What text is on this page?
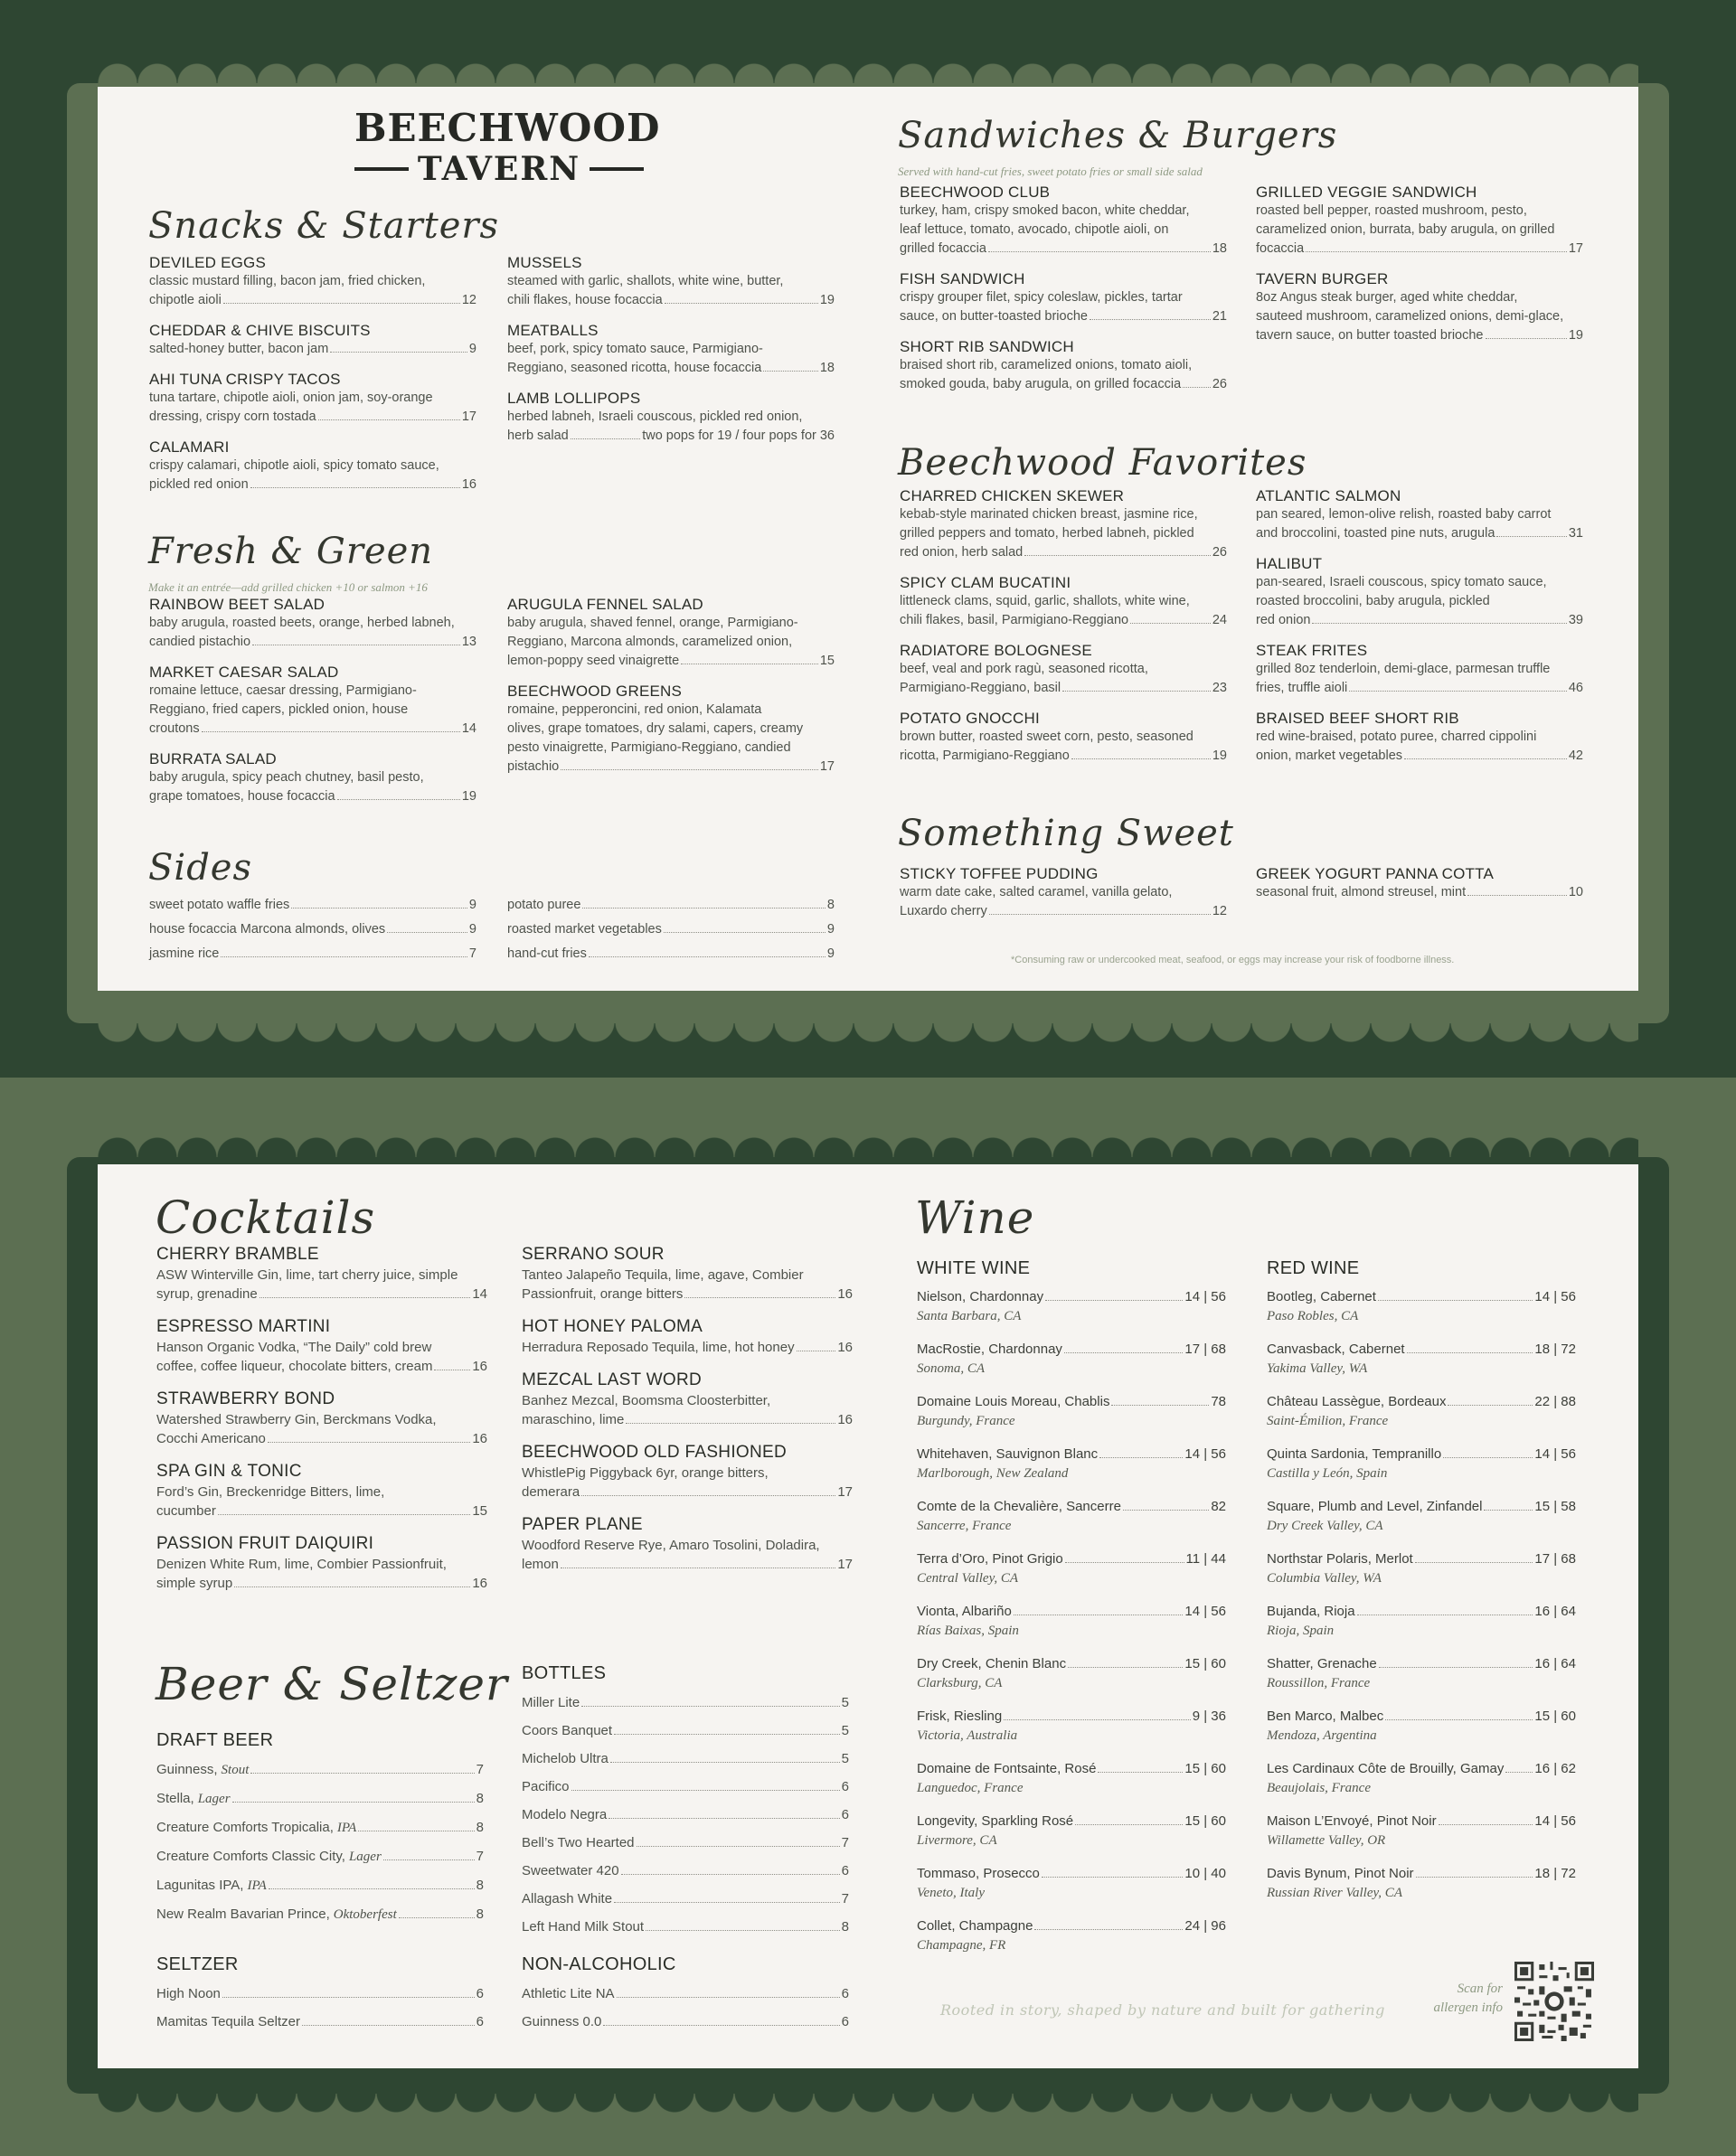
BEECHWOOD
TAVERN
Snacks & Starters
DEVILED EGGS
classic mustard filling, bacon jam, fried chicken,
chipotle aioli	12
CHEDDAR & CHIVE BISCUITS
salted-honey butter, bacon jam	9
AHI TUNA CRISPY TACOS
tuna tartare, chipotle aioli, onion jam, soy-orange
dressing, crispy corn tostada	17
CALAMARI
crispy calamari, chipotle aioli, spicy tomato sauce,
pickled red onion	16
MUSSELS
steamed with garlic, shallots, white wine, butter,
chili flakes, house focaccia	19
MEATBALLS
beef, pork, spicy tomato sauce, Parmigiano-
Reggiano, seasoned ricotta, house focaccia	18
LAMB LOLLIPOPS
herbed labneh, Israeli couscous, pickled red onion,
herb salad	two pops for 19 / four pops for 36
Fresh & Green
Make it an entrée—add grilled chicken +10 or salmon +16
RAINBOW BEET SALAD
baby arugula, roasted beets, orange, herbed labneh,
candied pistachio	13
MARKET CAESAR SALAD
romaine lettuce, caesar dressing, Parmigiano-
Reggiano, fried capers, pickled onion, house
croutons	14
BURRATA SALAD
baby arugula, spicy peach chutney, basil pesto,
grape tomatoes, house focaccia	19
ARUGULA FENNEL SALAD
baby arugula, shaved fennel, orange, Parmigiano-
Reggiano, Marcona almonds, caramelized onion,
lemon-poppy seed vinaigrette	15
BEECHWOOD GREENS
romaine, pepperoncini, red onion, Kalamata
olives, grape tomatoes, dry salami, capers, creamy
pesto vinaigrette, Parmigiano-Reggiano, candied
pistachio	17
Sides
sweet potato waffle fries	9
house focaccia Marcona almonds, olives	9
jasmine rice	7
potato puree	8
roasted market vegetables	9
hand-cut fries	9
Sandwiches & Burgers
Served with hand-cut fries, sweet potato fries or small side salad
BEECHWOOD CLUB
turkey, ham, crispy smoked bacon, white cheddar,
leaf lettuce, tomato, avocado, chipotle aioli, on
grilled focaccia	18
FISH SANDWICH
crispy grouper filet, spicy coleslaw, pickles, tartar
sauce, on butter-toasted brioche	21
SHORT RIB SANDWICH
braised short rib, caramelized onions, tomato aioli,
smoked gouda, baby arugula, on grilled focaccia 26
GRILLED VEGGIE SANDWICH
roasted bell pepper, roasted mushroom, pesto,
caramelized onion, burrata, baby arugula, on grilled
focaccia	17
TAVERN BURGER
8oz Angus steak burger, aged white cheddar,
sauteed mushroom, caramelized onions, demi-glace,
tavern sauce, on butter toasted brioche	19
Beechwood Favorites
CHARRED CHICKEN SKEWER
kebab-style marinated chicken breast, jasmine rice,
grilled peppers and tomato, herbed labneh, pickled
red onion, herb salad	26
SPICY CLAM BUCATINI
littleneck clams, squid, garlic, shallots, white wine,
chili flakes, basil, Parmigiano-Reggiano	24
RADIATORE BOLOGNESE
beef, veal and pork ragù, seasoned ricotta,
Parmigiano-Reggiano, basil	23
POTATO GNOCCHI
brown butter, roasted sweet corn, pesto, seasoned
ricotta, Parmigiano-Reggiano	19
ATLANTIC SALMON
pan seared, lemon-olive relish, roasted baby carrot
and broccolini, toasted pine nuts, arugula	31
HALIBUT
pan-seared, Israeli couscous, spicy tomato sauce,
roasted broccolini, baby arugula, pickled
red onion	39
STEAK FRITES
grilled 8oz tenderloin, demi-glace, parmesan truffle
fries, truffle aioli	46
BRAISED BEEF SHORT RIB
red wine-braised, potato puree, charred cippolini
onion, market vegetables	42
Something Sweet
STICKY TOFFEE PUDDING
warm date cake, salted caramel, vanilla gelato,
Luxardo cherry	12
GREEK YOGURT PANNA COTTA
seasonal fruit, almond streusel, mint	10
*Consuming raw or undercooked meat, seafood, or eggs may increase your risk of foodborne illness.
Cocktails
CHERRY BRAMBLE
ASW Winterville Gin, lime, tart cherry juice, simple
syrup, grenadine	14
ESPRESSO MARTINI
Hanson Organic Vodka, “The Daily” cold brew
coffee, coffee liqueur, chocolate bitters, cream	16
STRAWBERRY BOND
Watershed Strawberry Gin, Berckmans Vodka,
Cocchi Americano	16
SPA GIN & TONIC
Ford’s Gin, Breckenridge Bitters, lime,
cucumber	15
PASSION FRUIT DAIQUIRI
Denizen White Rum, lime, Combier Passionfruit,
simple syrup	16
SERRANO SOUR
Tanteo Jalapeño Tequila, lime, agave, Combier
Passionfruit, orange bitters	16
HOT HONEY PALOMA
Herradura Reposado Tequila, lime, hot honey	16
MEZCAL LAST WORD
Banhez Mezcal, Boomsma Cloosterbitter,
maraschino, lime	16
BEECHWOOD OLD FASHIONED
WhistlePig Piggyback 6yr, orange bitters,
demerara	17
PAPER PLANE
Woodford Reserve Rye, Amaro Tosolini, Doladira,
lemon	17
Beer & Seltzer
DRAFT BEER
Guinness, Stout	7
Stella, Lager	8
Creature Comforts Tropicalia, IPA	8
Creature Comforts Classic City, Lager	7
Lagunitas IPA, IPA	8
New Realm Bavarian Prince, Oktoberfest	8
SELTZER
High Noon	6
Mamitas Tequila Seltzer	6
BOTTLES
Miller Lite	5
Coors Banquet	5
Michelob Ultra	5
Pacifico	6
Modelo Negra	6
Bell’s Two Hearted	7
Sweetwater 420	6
Allagash White	7
Left Hand Milk Stout	8
NON-ALCOHOLIC
Athletic Lite NA	6
Guinness 0.0	6
Wine
WHITE WINE
Nielson, Chardonnay	14 | 56
Santa Barbara, CA
MacRostie, Chardonnay	17 | 68
Sonoma, CA
Domaine Louis Moreau, Chablis	78
Burgundy, France
Whitehaven, Sauvignon Blanc	14 | 56
Marlborough, New Zealand
Comte de la Chevalière, Sancerre	82
Sancerre, France
Terra d’Oro, Pinot Grigio	11 | 44
Central Valley, CA
Vionta, Albariño	14 | 56
Rías Baixas, Spain
Dry Creek, Chenin Blanc	15 | 60
Clarksburg, CA
Frisk, Riesling	9 | 36
Victoria, Australia
Domaine de Fontsainte, Rosé	15 | 60
Languedoc, France
Longevity, Sparkling Rosé	15 | 60
Livermore, CA
Tommaso, Prosecco	10 | 40
Veneto, Italy
Collet, Champagne	24 | 96
Champagne, FR
RED WINE
Bootleg, Cabernet	14 | 56
Paso Robles, CA
Canvasback, Cabernet	18 | 72
Yakima Valley, WA
Château Lassègue, Bordeaux	22 | 88
Saint-Émilion, France
Quinta Sardonia, Tempranillo	14 | 56
Castilla y León, Spain
Square, Plumb and Level, Zinfandel	15 | 58
Dry Creek Valley, CA
Northstar Polaris, Merlot	17 | 68
Columbia Valley, WA
Bujanda, Rioja	16 | 64
Rioja, Spain
Shatter, Grenache	16 | 64
Roussillon, France
Ben Marco, Malbec	15 | 60
Mendoza, Argentina
Les Cardinaux Côte de Brouilly, Gamay 16 | 62
Beaujolais, France
Maison L’Envoyé, Pinot Noir	14 | 56
Willamette Valley, OR
Davis Bynum, Pinot Noir	18 | 72
Russian River Valley, CA
Rooted in story, shaped by nature and built for gathering
Scan for
allergen info
